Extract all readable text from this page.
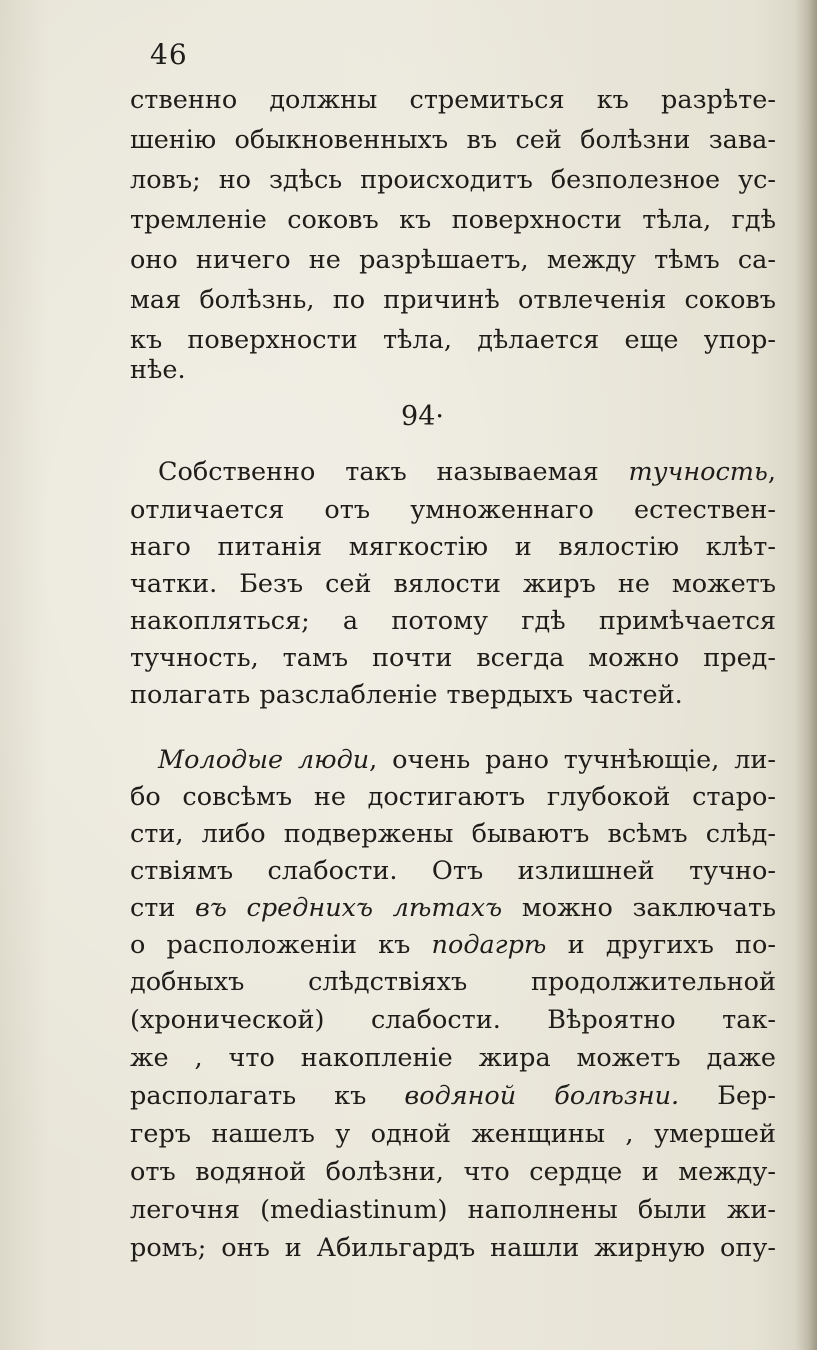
46
ственно должны стремиться къ разрѣте-
шенію обыкновенныхъ въ сей болѣзни зава-
ловъ; но здѣсь происходитъ безполезное ус-
тремленіе соковъ къ поверхности тѣла, гдѣ
оно ничего не разрѣшаетъ, между тѣмъ са-
мая болѣзнь, по причинѣ отвлеченія соковъ
къ поверхности тѣла, дѣлается еще упор-
нѣе.
94·
Собственно такъ называемая тучность,
отличается отъ умноженнаго естествен-
наго питанія мягкостію и вялостію клѣт-
чатки. Безъ сей вялости жиръ не можетъ
накопляться; а потому гдѣ примѣчается
тучность, тамъ почти всегда можно пред-
полагать разслабленіе твердыхъ частей.
Молодые люди, очень рано тучнѣющіе, ли-
бо совсѣмъ не достигаютъ глубокой старо-
сти, либо подвержены бываютъ всѣмъ слѣд-
ствіямъ слабости. Отъ излишней тучно-
сти въ среднихъ лѣтахъ можно заключать
о расположеніи къ подагрѣ и другихъ по-
добныхъ слѣдствіяхъ продолжительной
(хронической) слабости. Вѣроятно так-
же , что накопленіе жира можетъ даже
располагать къ водяной болѣзни. Бер-
геръ нашелъ у одной женщины , умершей
отъ водяной болѣзни, что сердце и между-
легочня (mediastinum) наполнены были жи-
ромъ; онъ и Абильгардъ нашли жирную опу-
